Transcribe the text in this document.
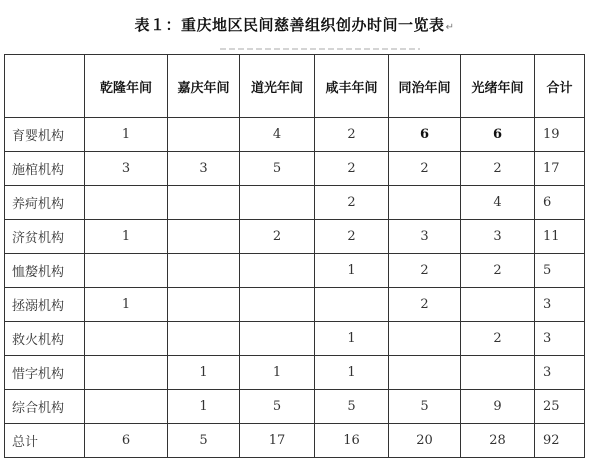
表１：重庆地区民间慈善组织创办时间一览表↵
	乾隆年间	嘉庆年间	道光年间	咸丰年间	同治年间	光绪年间	合计
育婴机构	1		4	2	6	6	19
施棺机构	3	3	5	2	2	2	17
养疴机构				2		4	6
济贫机构	1		2	2	3	3	11
恤嫠机构				1	2	2	5
拯溺机构	1				2		3
救火机构				1		2	3
惜字机构		1	1	1			3
综合机构		1	5	5	5	9	25
总计	6	5	17	16	20	28	92
